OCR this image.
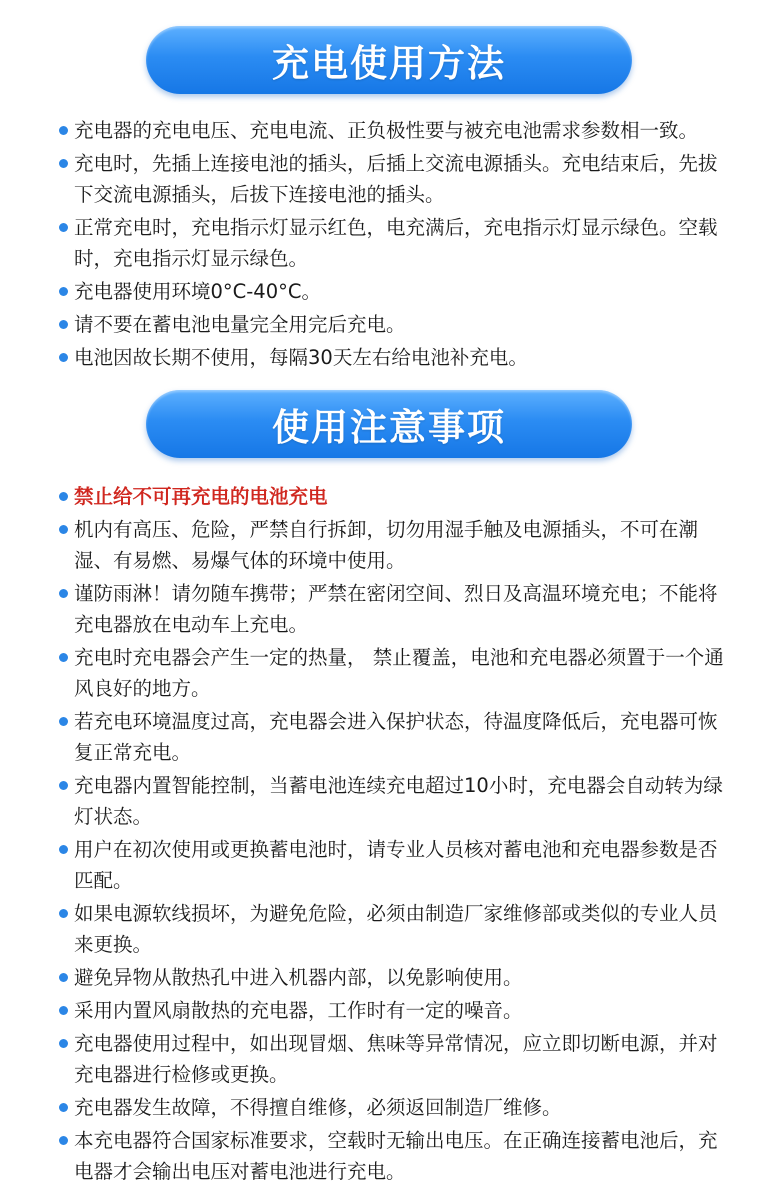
充电使用方法
充电器的充电电压、充电电流、正负极性要与被充电池需求参数相一致。
充电时，先插上连接电池的插头，后插上交流电源插头。充电结束后，先拔下交流电源插头，后拔下连接电池的插头。
正常充电时，充电指示灯显示红色，电充满后，充电指示灯显示绿色。空载时，充电指示灯显示绿色。
充电器使用环境0°C-40°C。
请不要在蓄电池电量完全用完后充电。
电池因故长期不使用，每隔30天左右给电池补充电。
使用注意事项
禁止给不可再充电的电池充电
机内有高压、危险，严禁自行拆卸，切勿用湿手触及电源插头，不可在潮湿、有易燃、易爆气体的环境中使用。
谨防雨淋！请勿随车携带；严禁在密闭空间、烈日及高温环境充电；不能将充电器放在电动车上充电。
充电时充电器会产生一定的热量， 禁止覆盖，电池和充电器必须置于一个通风良好的地方。
若充电环境温度过高，充电器会进入保护状态，待温度降低后，充电器可恢复正常充电。
充电器内置智能控制，当蓄电池连续充电超过10小时，充电器会自动转为绿灯状态。
用户在初次使用或更换蓄电池时，请专业人员核对蓄电池和充电器参数是否匹配。
如果电源软线损坏，为避免危险，必须由制造厂家维修部或类似的专业人员来更换。
避免异物从散热孔中进入机器内部，以免影响使用。
采用内置风扇散热的充电器，工作时有一定的噪音。
充电器使用过程中，如出现冒烟、焦味等异常情况，应立即切断电源，并对充电器进行检修或更换。
充电器发生故障，不得擅自维修，必须返回制造厂维修。
本充电器符合国家标准要求，空载时无输出电压。在正确连接蓄电池后，充电器才会输出电压对蓄电池进行充电。
